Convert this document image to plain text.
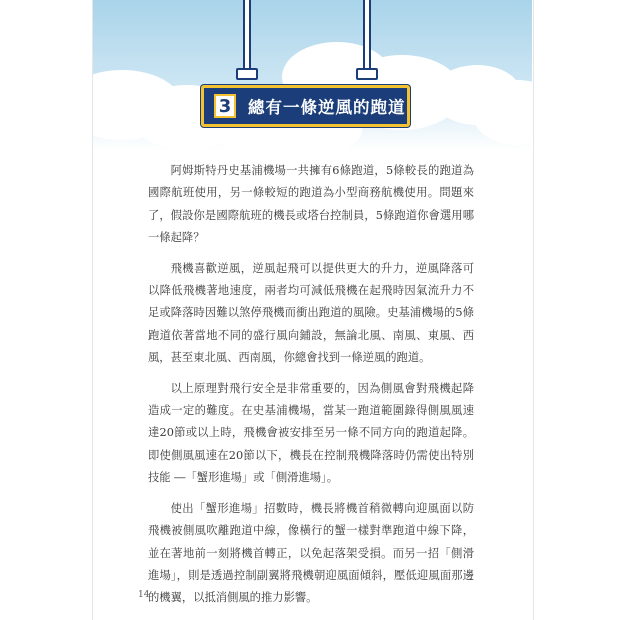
3 總有一條逆風的跑道

阿姆斯特丹史基浦機場一共擁有6條跑道，5條較長的跑道為國際航班使用，另一條較短的跑道為小型商務航機使用。問題來了，假設你是國際航班的機長或塔台控制員，5條跑道你會選用哪一條起降？

飛機喜歡逆風，逆風起飛可以提供更大的升力，逆風降落可以降低飛機著地速度，兩者均可減低飛機在起飛時因氣流升力不足或降落時因難以煞停飛機而衝出跑道的風險。史基浦機場的5條跑道依著當地不同的盛行風向鋪設，無論北風、南風、東風、西風，甚至東北風、西南風，你總會找到一條逆風的跑道。

以上原理對飛行安全是非常重要的，因為側風會對飛機起降造成一定的難度。在史基浦機場，當某一跑道範圍錄得側風風速達20節或以上時，飛機會被安排至另一條不同方向的跑道起降。即使側風風速在20節以下，機長在控制飛機降落時仍需使出特別技能 ―「蟹形進場」或「側滑進場」。

使出「蟹形進場」招數時，機長將機首稍微轉向迎風面以防飛機被側風吹離跑道中線，像橫行的蟹一樣對準跑道中線下降，並在著地前一刻將機首轉正，以免起落架受損。而另一招「側滑進場」，則是透過控制副翼將飛機朝迎風面傾斜，壓低迎風面那邊的機翼，以抵消側風的推力影響。

14
